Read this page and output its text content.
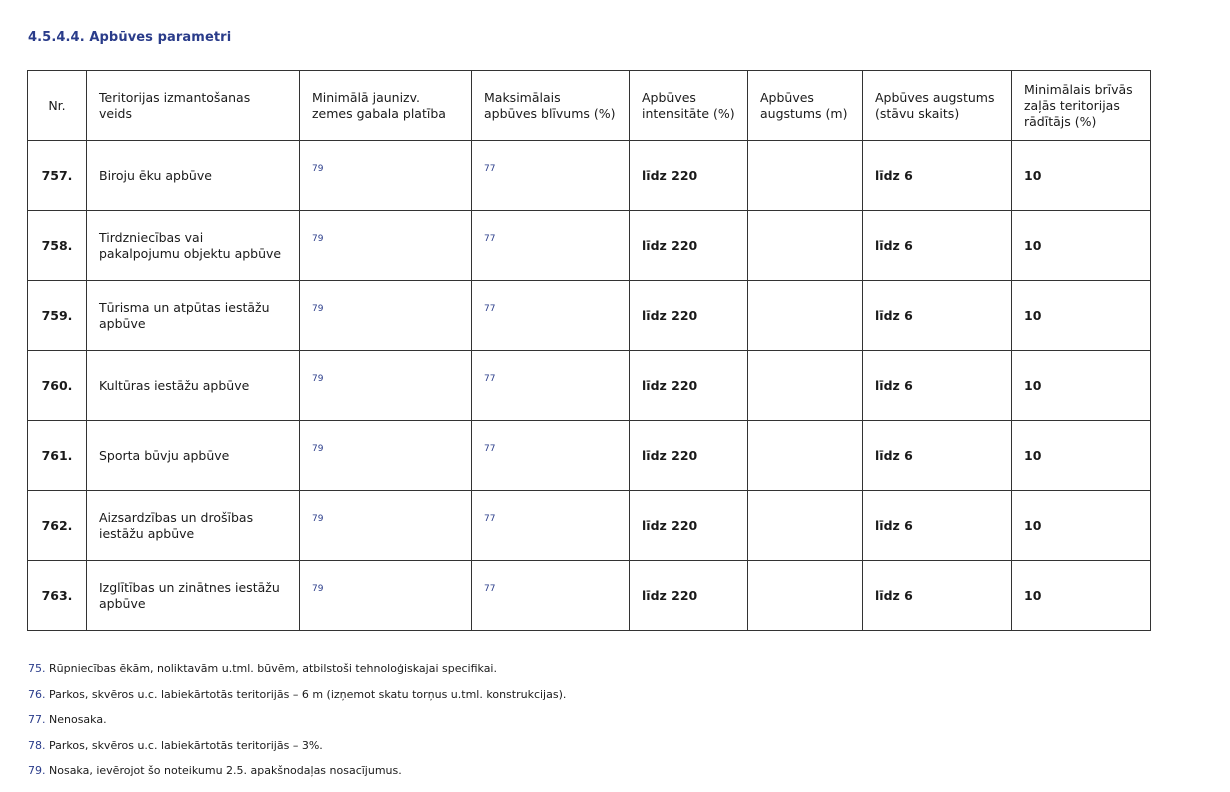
4.5.4.4. Apbūves parametri
Nr.	Teritorijas izmantošanas veids	Minimālā jaunizv. zemes gabala platība	Maksimālais apbūves blīvums (%)	Apbūves intensitāte (%)	Apbūves augstums (m)	Apbūves augstums (stāvu skaits)	Minimālais brīvās zaļās teritorijas rādītājs (%)
757.	Biroju ēku apbūve	79	77	līdz 220		līdz 6	10
758.	Tirdzniecības vai pakalpojumu objektu apbūve	79	77	līdz 220		līdz 6	10
759.	Tūrisma un atpūtas iestāžu apbūve	79	77	līdz 220		līdz 6	10
760.	Kultūras iestāžu apbūve	79	77	līdz 220		līdz 6	10
761.	Sporta būvju apbūve	79	77	līdz 220		līdz 6	10
762.	Aizsardzības un drošības iestāžu apbūve	79	77	līdz 220		līdz 6	10
763.	Izglītības un zinātnes iestāžu apbūve	79	77	līdz 220		līdz 6	10
75. Rūpniecības ēkām, noliktavām u.tml. būvēm, atbilstoši tehnoloģiskajai specifikai.
76. Parkos, skvēros u.c. labiekārtotās teritorijās – 6 m (izņemot skatu torņus u.tml. konstrukcijas).
77. Nenosaka.
78. Parkos, skvēros u.c. labiekārtotās teritorijās – 3%.
79. Nosaka, ievērojot šo noteikumu 2.5. apakšnodaļas nosacījumus.
